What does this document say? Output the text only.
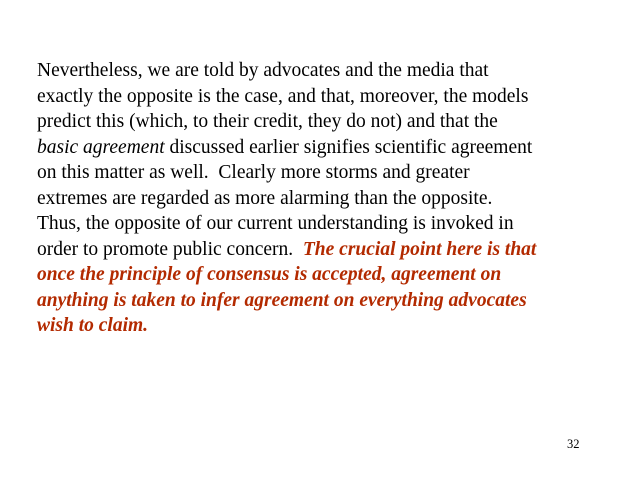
Nevertheless, we are told by advocates and the media that
exactly the opposite is the case, and that, moreover, the models
predict this (which, to their credit, they do not) and that the
basic agreement discussed earlier signifies scientific agreement
on this matter as well.  Clearly more storms and greater
extremes are regarded as more alarming than the opposite.
Thus, the opposite of our current understanding is invoked in
order to promote public concern.  The crucial point here is that
once the principle of consensus is accepted, agreement on
anything is taken to infer agreement on everything advocates
wish to claim.
32
